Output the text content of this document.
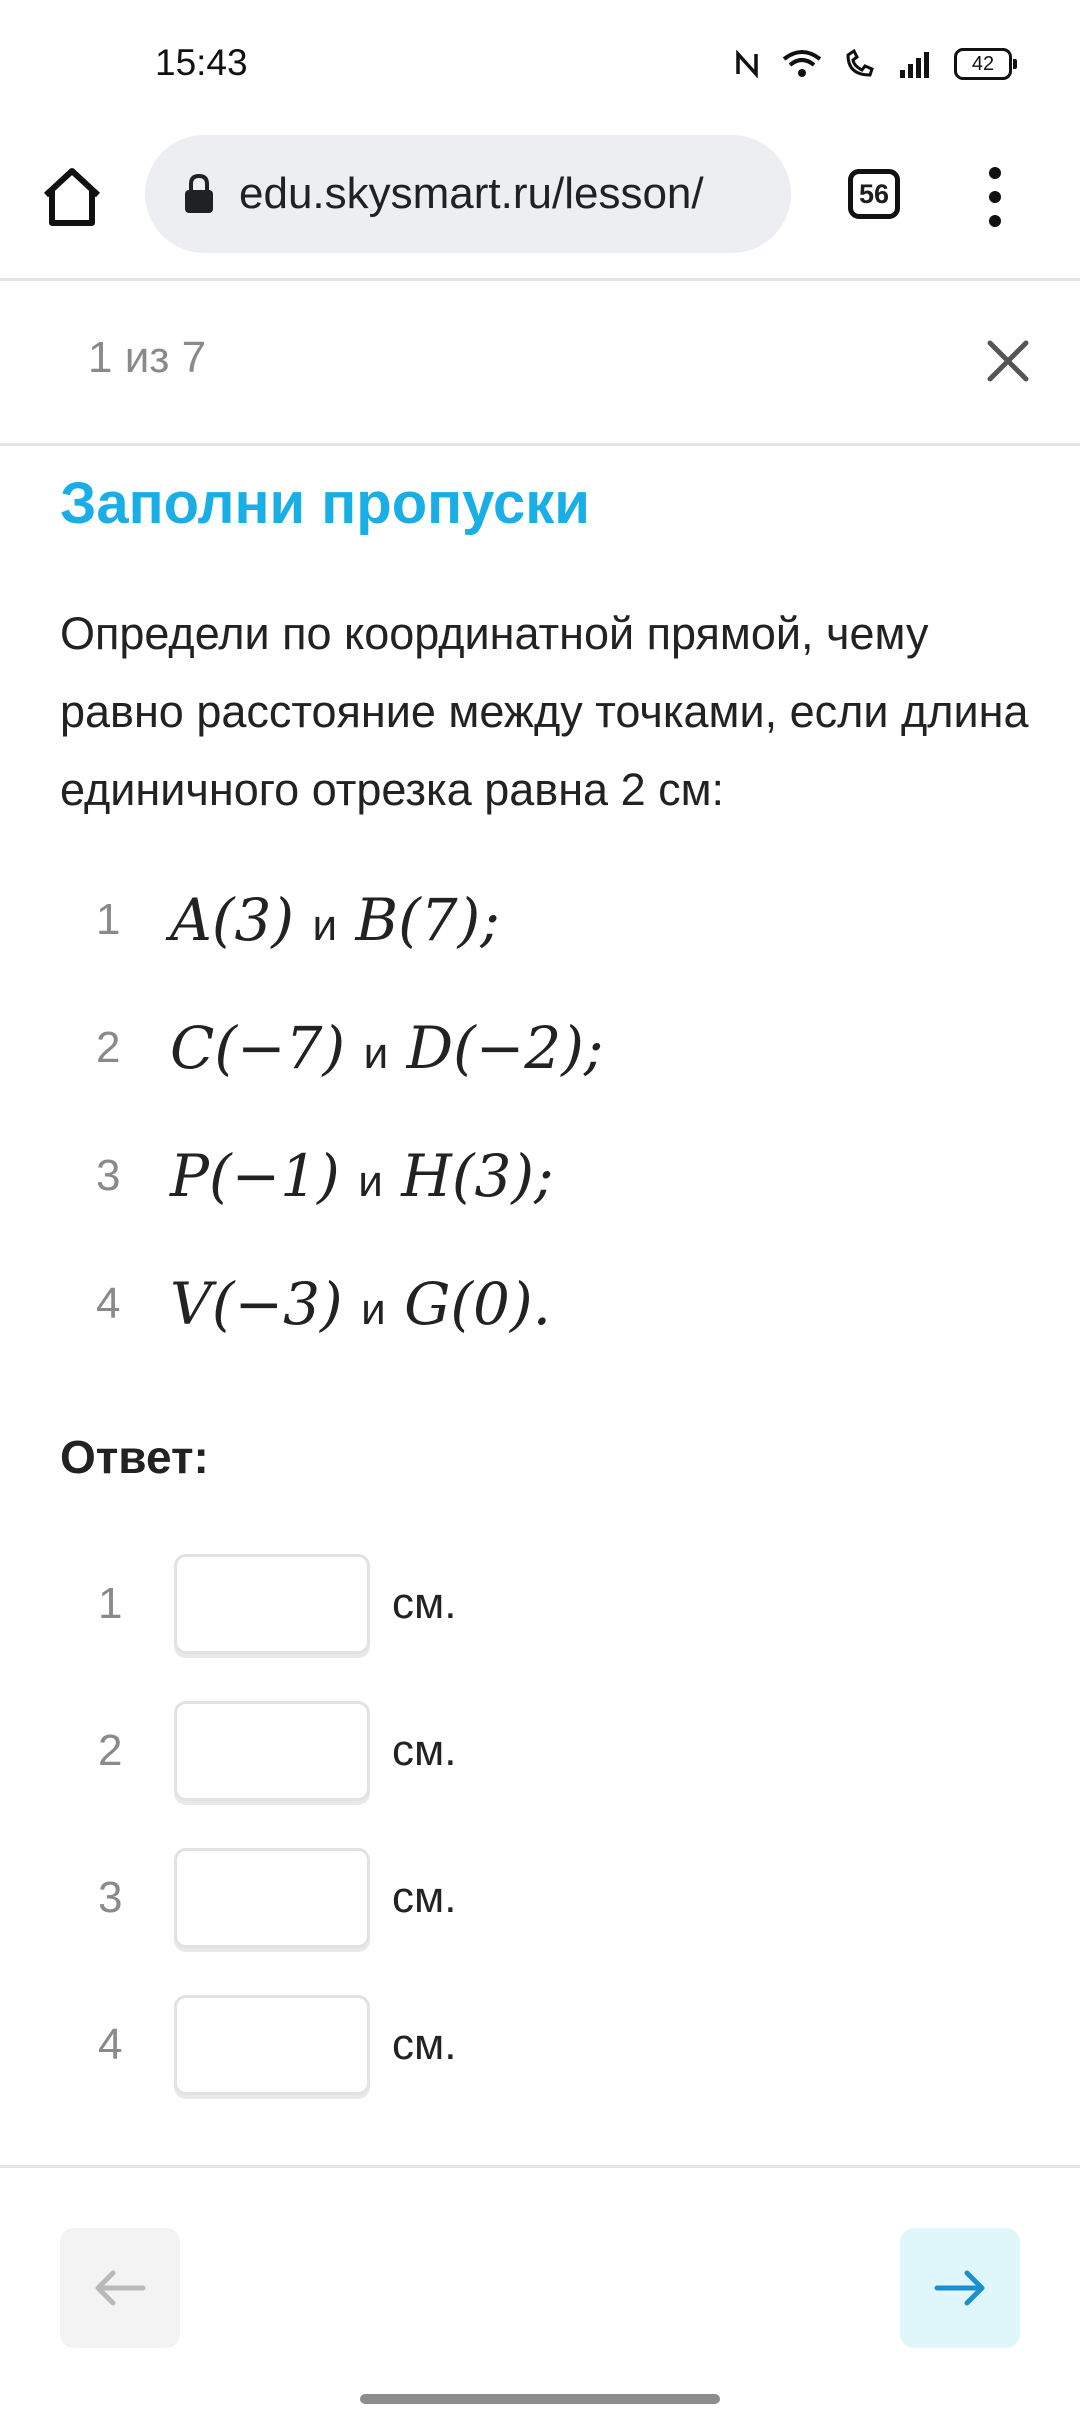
15:43	42
edu.skysmart.ru/lesson/	56
1 из 7
Заполни пропуски
Определи по координатной прямой, чему равно расстояние между точками, если длина единичного отрезка равна 2 см:
1 A(3) и B(7);
2 C(−7) и D(−2);
3 P(−1) и H(3);
4 V(−3) и G(0).
Ответ:
1	см.
2	см.
3	см.
4	см.
